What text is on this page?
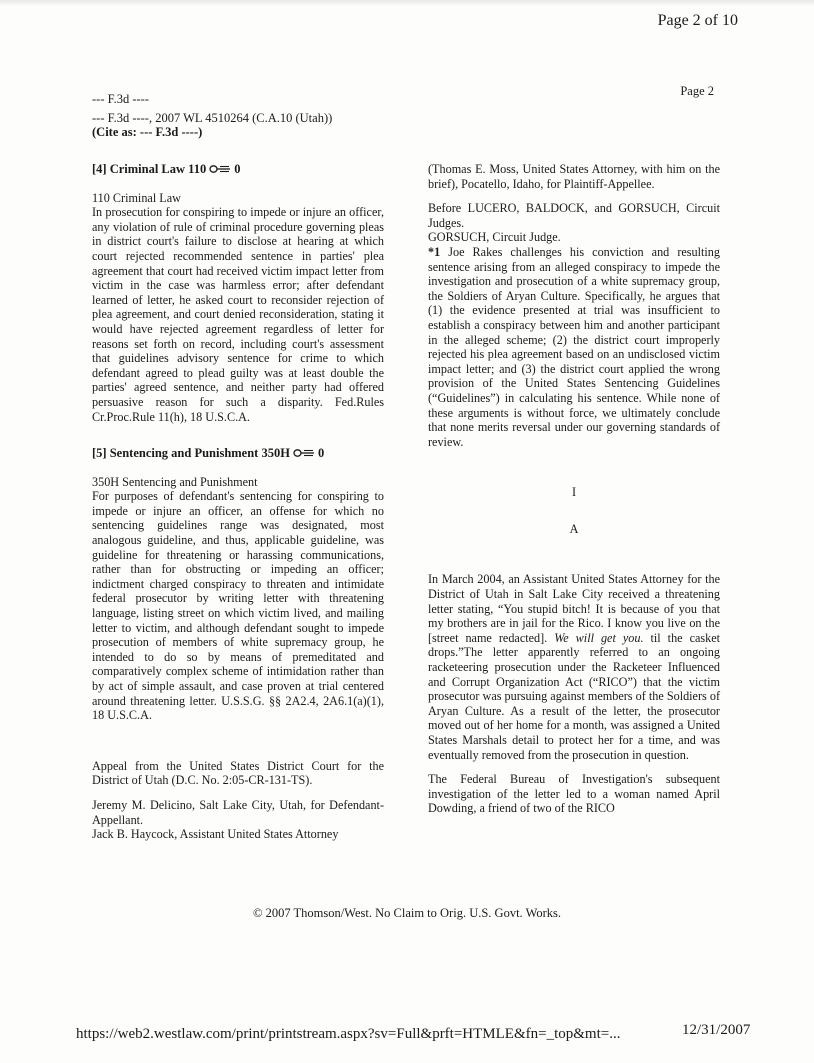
Page 2 of 10
--- F.3d ----
Page 2
--- F.3d ----, 2007 WL 4510264 (C.A.10 (Utah))
(Cite as: --- F.3d ----)

[4] Criminal Law 110 0

110 Criminal Law

In prosecution for conspiring to impede or injure an officer, any violation of rule of criminal procedure governing pleas in district court's failure to disclose at hearing at which court rejected recommended sentence in parties' plea agreement that court had received victim impact letter from victim in the case was harmless error; after defendant learned of letter, he asked court to reconsider rejection of plea agreement, and court denied reconsideration, stating it would have rejected agreement regardless of letter for reasons set forth on record, including court's assessment that guidelines advisory sentence for crime to which defendant agreed to plead guilty was at least double the parties' agreed sentence, and neither party had offered persuasive reason for such a disparity. Fed.Rules Cr.Proc.Rule 11(h), 18 U.S.C.A.

[5] Sentencing and Punishment 350H 0

350H Sentencing and Punishment

For purposes of defendant's sentencing for conspiring to impede or injure an officer, an offense for which no sentencing guidelines range was designated, most analogous guideline, and thus, applicable guideline, was guideline for threatening or harassing communications, rather than for obstructing or impeding an officer; indictment charged conspiracy to threaten and intimidate federal prosecutor by writing letter with threatening language, listing street on which victim lived, and mailing letter to victim, and although defendant sought to impede prosecution of members of white supremacy group, he intended to do so by means of premeditated and comparatively complex scheme of intimidation rather than by act of simple assault, and case proven at trial centered around threatening letter. U.S.S.G. §§ 2A2.4, 2A6.1(a)(1), 18 U.S.C.A.

Appeal from the United States District Court for the District of Utah (D.C. No. 2:05-CR-131-TS).

Jeremy M. Delicino, Salt Lake City, Utah, for Defendant-Appellant.

Jack B. Haycock, Assistant United States Attorney

(Thomas E. Moss, United States Attorney, with him on the brief), Pocatello, Idaho, for Plaintiff-Appellee.

Before LUCERO, BALDOCK, and GORSUCH, Circuit Judges.

GORSUCH, Circuit Judge.

*1 Joe Rakes challenges his conviction and resulting sentence arising from an alleged conspiracy to impede the investigation and prosecution of a white supremacy group, the Soldiers of Aryan Culture. Specifically, he argues that (1) the evidence presented at trial was insufficient to establish a conspiracy between him and another participant in the alleged scheme; (2) the district court improperly rejected his plea agreement based on an undisclosed victim impact letter; and (3) the district court applied the wrong provision of the United States Sentencing Guidelines (“Guidelines”) in calculating his sentence. While none of these arguments is without force, we ultimately conclude that none merits reversal under our governing standards of review.

I

A

In March 2004, an Assistant United States Attorney for the District of Utah in Salt Lake City received a threatening letter stating, “You stupid bitch! It is because of you that my brothers are in jail for the Rico. I know you live on the [street name redacted]. We will get you. til the casket drops.”The letter apparently referred to an ongoing racketeering prosecution under the Racketeer Influenced and Corrupt Organization Act (“RICO”) that the victim prosecutor was pursuing against members of the Soldiers of Aryan Culture. As a result of the letter, the prosecutor moved out of her home for a month, was assigned a United States Marshals detail to protect her for a time, and was eventually removed from the prosecution in question.

The Federal Bureau of Investigation's subsequent investigation of the letter led to a woman named April Dowding, a friend of two of the RICO

© 2007 Thomson/West. No Claim to Orig. U.S. Govt. Works.
https://web2.westlaw.com/print/printstream.aspx?sv=Full&prft=HTMLE&fn=_top&mt=...	12/31/2007
